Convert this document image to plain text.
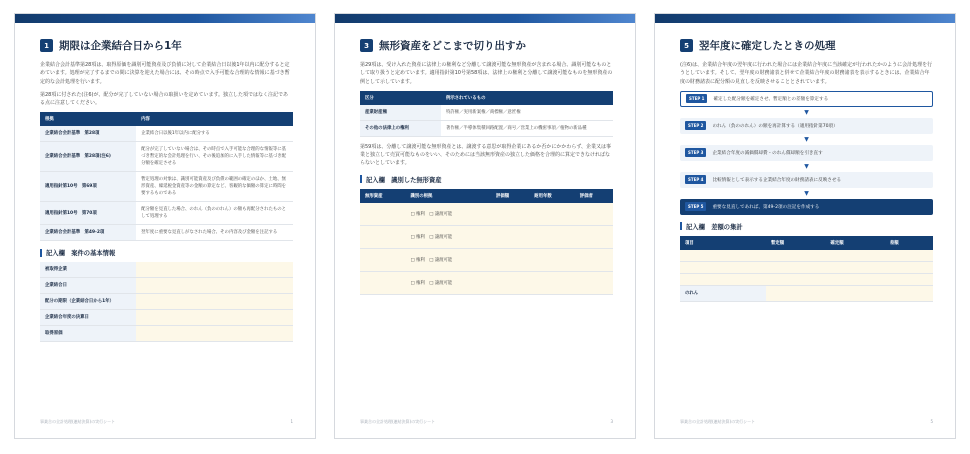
1 期限は企業結合日から1年

企業結合会計基準第28項は、取得原価を識別可能資産及び負債に対して企業結合日以後1年以内に配分すると定めています。処理が完了するまでの間に決算を迎えた場合には、その時点で入手可能な合理的な情報に基づき暫定的な会計処理を行います。

第28項に付された(注6)が、配分が完了していない場合の取扱いを定めています。独立した項ではなく注記である点に注意してください。

根拠	内容
企業結合会計基準　第28項	企業結合日以後1年以内に配分する
企業結合会計基準　第28項(注6)	配分が完了していない場合は、その時点で入手可能な合理的な情報等に基づき暫定的な会計処理を行い、その後追加的に入手した情報等に基づき配分額を確定させる
適用指針第10号　第69項	暫定処理の対象は、識別可能資産及び負債の範囲の確定のほか、土地、無形資産、繰延税金資産等の金額の算定など、客観的な価額の算定に時間を要するものである
適用指針第10号　第70項	配分額を見直した場合、のれん（負ののれん）の額も再配分されたものとして処理する
企業結合会計基準　第49-2項	翌年度に重要な見直しがなされた場合、その内容及び金額を注記する
記入欄　案件の基本情報
被取得企業	
企業結合日	
配分の期限（企業結合日から1年）	
企業結合年度の決算日	
取得原価	
事業合の全計処理(連結決算)の実行シート	1
3 無形資産をどこまで切り出すか

第29項は、受け入れた資産に法律上の権利など分離して譲渡可能な無形資産が含まれる場合、識別可能なものとして取り扱うと定めています。適用指針第10号第58項は、法律上の権利と分離して譲渡可能なものを無形資産の例として示しています。

区分	例示されているもの
産業財産権	特許権／実用新案権／商標権／意匠権
その他の法律上の権利	著作権／半導体集積回路配置／商号／営業上の機密事項／植物の新品種

第59項は、分離して譲渡可能な無形資産とは、譲渡する意思が取得企業にあるか否かにかかわらず、企業又は事業と独立して売買可能なものをいい、そのためには当該無形資産の独立した価格を合理的に算定できなければならないとしています。

記入欄　識別した無形資産
無形資産	識別の根拠	評価額	耐用年数	評価者
	□ 権利　□ 譲渡可能			
	□ 権利　□ 譲渡可能			
	□ 権利　□ 譲渡可能			
	□ 権利　□ 譲渡可能			
事業合の全計処理(連結決算)の実行シート	3
5 翌年度に確定したときの処理

(注6)は、企業結合年度の翌年度に行われた場合には企業結合年度に当該確定が行われたかのように会計処理を行うとしています。そして、翌年度の財務諸表と併せて企業結合年度の財務諸表を表示するときには、企業結合年度の財務諸表に配分額の見直しを反映させることとされています。

STEP 1	確定した配分額を確定させ、暫定額との差額を算定する
▼
STEP 2	のれん（負ののれん）の額を再計算する（適用指針第70項）
▼
STEP 3	企業結合年度の減価償却費・のれん償却額を引き直す
▼
STEP 4	比較情報として表示する企業結合年度の財務諸表に反映させる
▼
STEP 5	重要な見直しであれば、第49-2項の注記を作成する
記入欄　差額の集計
項目	暫定額	確定額	差額

のれん			
事業合の全計処理(連結決算)の実行シート	5
